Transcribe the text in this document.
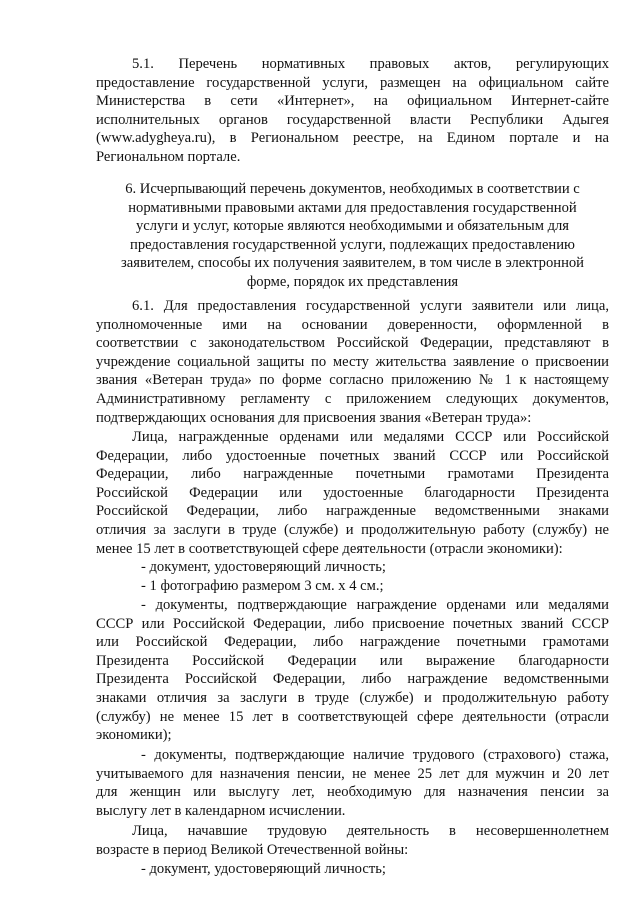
5.1. Перечень нормативных правовых актов, регулирующих
предоставление государственной услуги, размещен на официальном сайте
Министерства в сети «Интернет», на официальном Интернет-сайте
исполнительных органов государственной власти Республики Адыгея
(www.adygheya.ru), в Региональном реестре, на Едином портале и на
Региональном портале.
6. Исчерпывающий перечень документов, необходимых в соответствии с
нормативными правовыми актами для предоставления государственной
услуги и услуг, которые являются необходимыми и обязательным для
предоставления государственной услуги, подлежащих предоставлению
заявителем, способы их получения заявителем, в том числе в электронной
форме, порядок их представления
6.1. Для предоставления государственной услуги заявители или лица,
уполномоченные ими на основании доверенности, оформленной в
соответствии с законодательством Российской Федерации, представляют в
учреждение социальной защиты по месту жительства заявление о присвоении
звания «Ветеран труда» по форме согласно приложению № 1 к настоящему
Административному регламенту с приложением следующих документов,
подтверждающих основания для присвоения звания «Ветеран труда»:
Лица, награжденные орденами или медалями СССР или Российской
Федерации, либо удостоенные почетных званий СССР или Российской
Федерации, либо награжденные почетными грамотами Президента
Российской Федерации или удостоенные благодарности Президента
Российской Федерации, либо награжденные ведомственными знаками
отличия за заслуги в труде (службе) и продолжительную работу (службу) не
менее 15 лет в соответствующей сфере деятельности (отрасли экономики):
- документ, удостоверяющий личность;
- 1 фотографию размером 3 см. х 4 см.;
- документы, подтверждающие награждение орденами или медалями
СССР или Российской Федерации, либо присвоение почетных званий СССР
или Российской Федерации, либо награждение почетными грамотами
Президента Российской Федерации или выражение благодарности
Президента Российской Федерации, либо награждение ведомственными
знаками отличия за заслуги в труде (службе) и продолжительную работу
(службу) не менее 15 лет в соответствующей сфере деятельности (отрасли
экономики);
- документы, подтверждающие наличие трудового (страхового) стажа,
учитываемого для назначения пенсии, не менее 25 лет для мужчин и 20 лет
для женщин или выслугу лет, необходимую для назначения пенсии за
выслугу лет в календарном исчислении.
Лица, начавшие трудовую деятельность в несовершеннолетнем
возрасте в период Великой Отечественной войны:
- документ, удостоверяющий личность;
